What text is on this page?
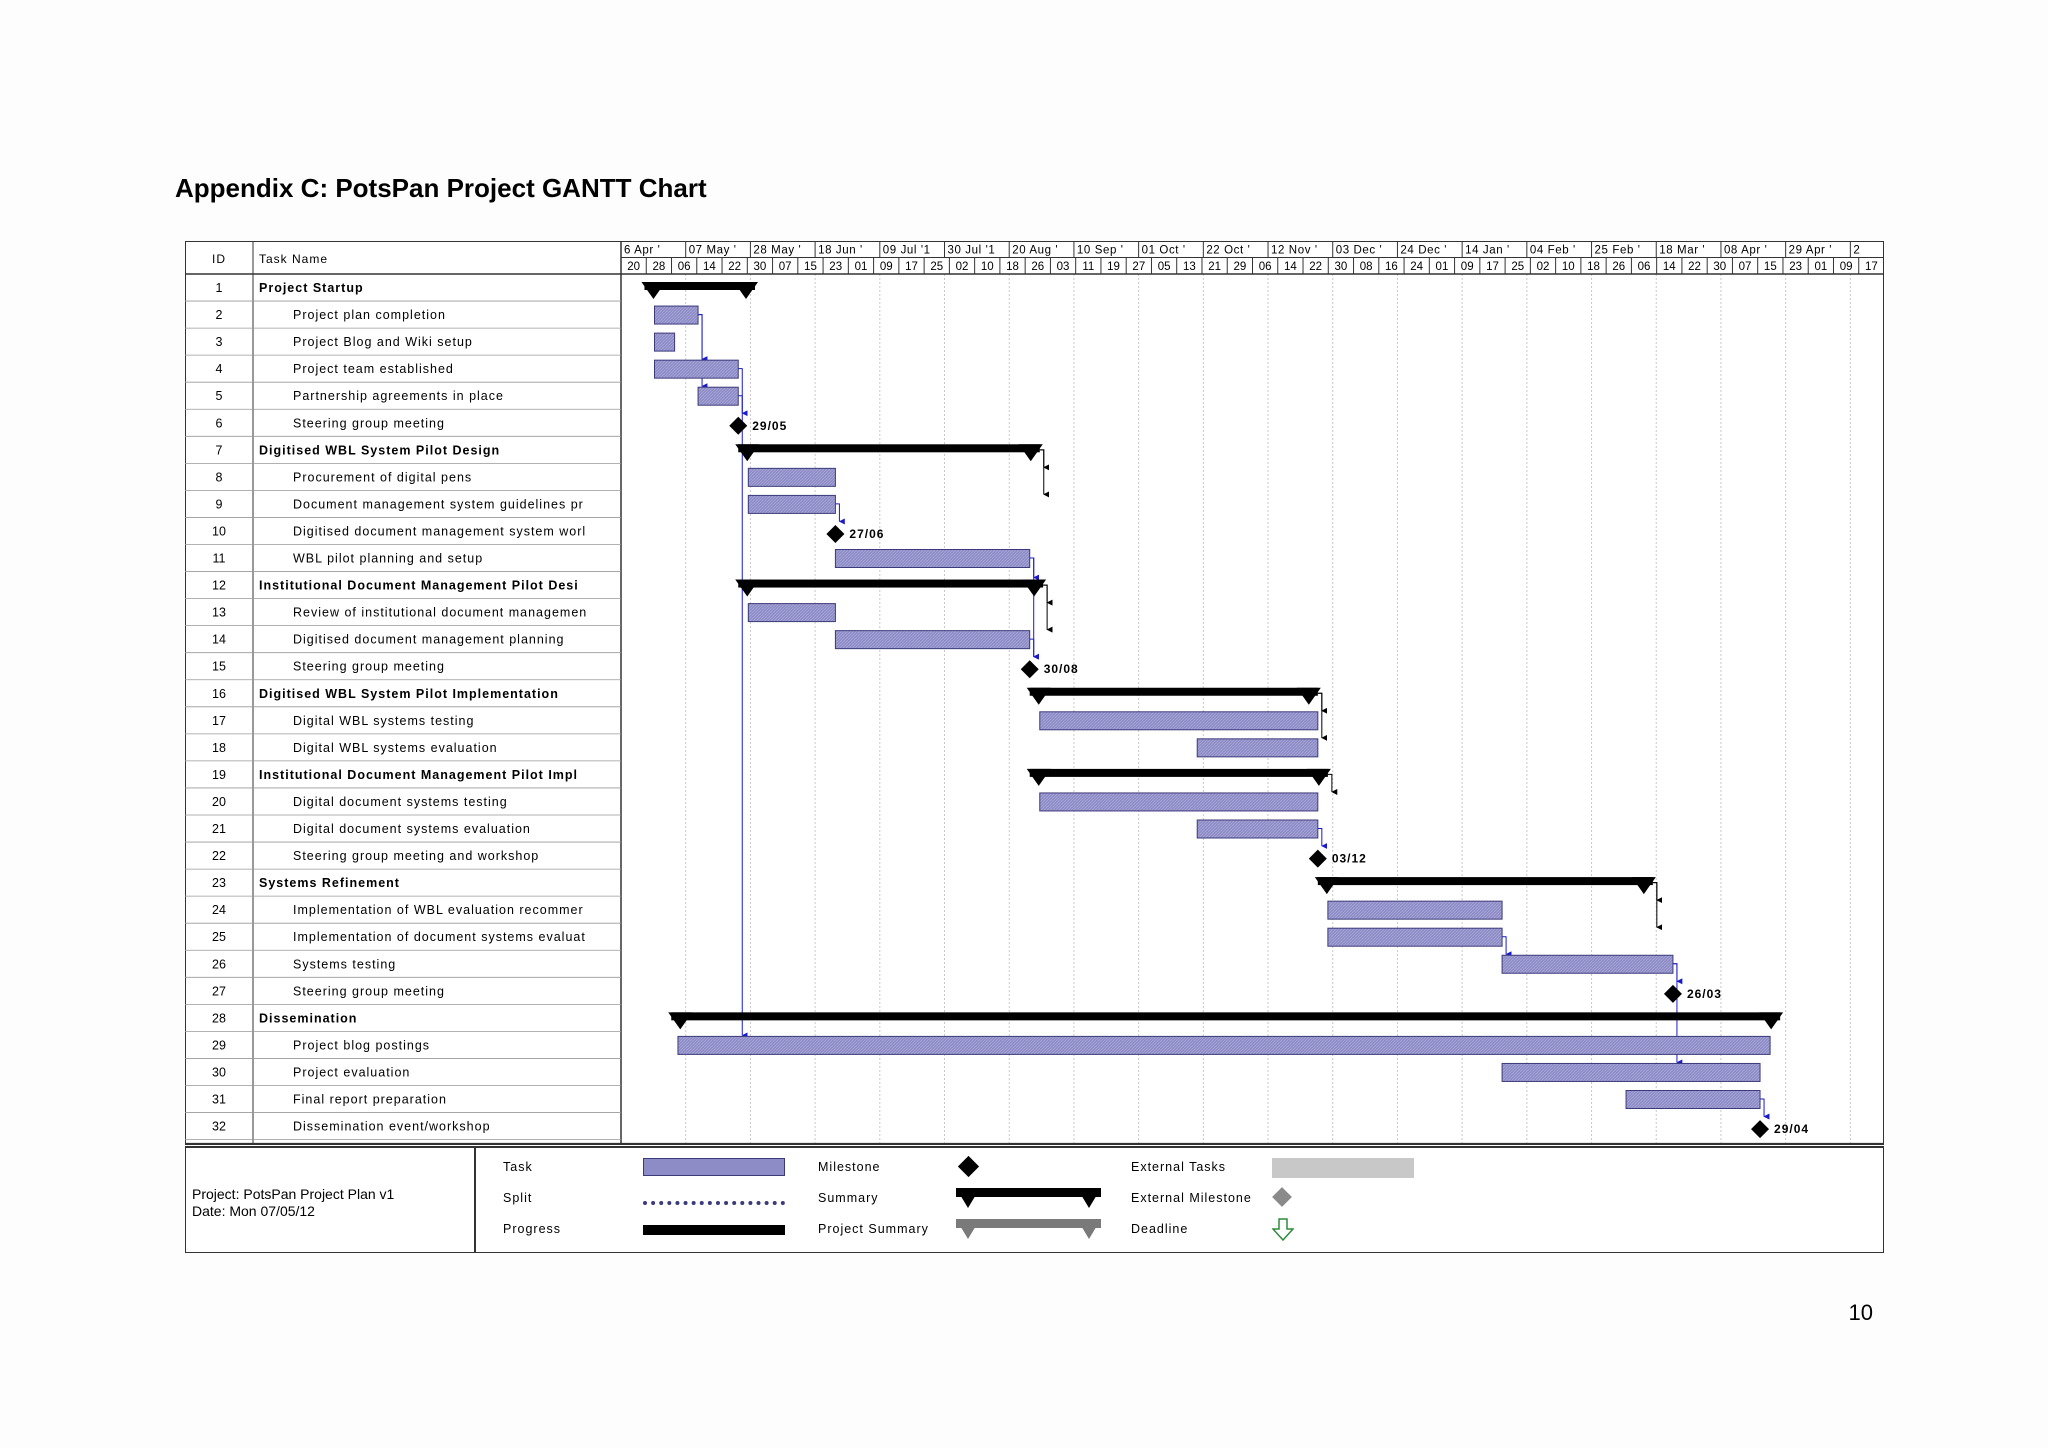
Appendix C: PotsPan Project GANTT Chart
6 Apr ' 07 May ' 28 May ' 18 Jun ' 09 Jul '1 30 Jul '1 20 Aug ' 10 Sep ' 01 Oct ' 22 Oct ' 12 Nov ' 03 Dec ' 24 Dec ' 14 Jan ' 04 Feb ' 25 Feb ' 18 Mar ' 08 Apr ' 29 Apr ' 2
20 28 06 14 22 30 07 15 23 01 09 17 25 02 10 18 26 03 11 19 27 05 13 21 29 06 14 22 30 08 16 24 01 09 17 25 02 10 18 26 06 14 22 30 07 15 23 01 09 17
ID	Task Name
1	Project Startup
2	Project plan completion
3	Project Blog and Wiki setup
4	Project team established
5	Partnership agreements in place
6	Steering group meeting
7	Digitised WBL System Pilot Design
8	Procurement of digital pens
9	Document management system guidelines pr
10	Digitised document management system worl
11	WBL pilot planning and setup
12	Institutional Document Management Pilot Desi
13	Review of institutional document managemen
14	Digitised document management planning
15	Steering group meeting
16	Digitised WBL System Pilot Implementation
17	Digital WBL systems testing
18	Digital WBL systems evaluation
19	Institutional Document Management Pilot Impl
20	Digital document systems testing
21	Digital document systems evaluation
22	Steering group meeting and workshop
23	Systems Refinement
24	Implementation of WBL evaluation recommer
25	Implementation of document systems evaluat
26	Systems testing
27	Steering group meeting
28	Dissemination
29	Project blog postings
30	Project evaluation
31	Final report preparation
32	Dissemination event/workshop
29/05
27/06
30/08
03/12
26/03
29/04
Project: PotsPan Project Plan v1
Date: Mon 07/05/12
Task
Split
Progress
Milestone
Summary
Project Summary
External Tasks
External Milestone
Deadline
10
